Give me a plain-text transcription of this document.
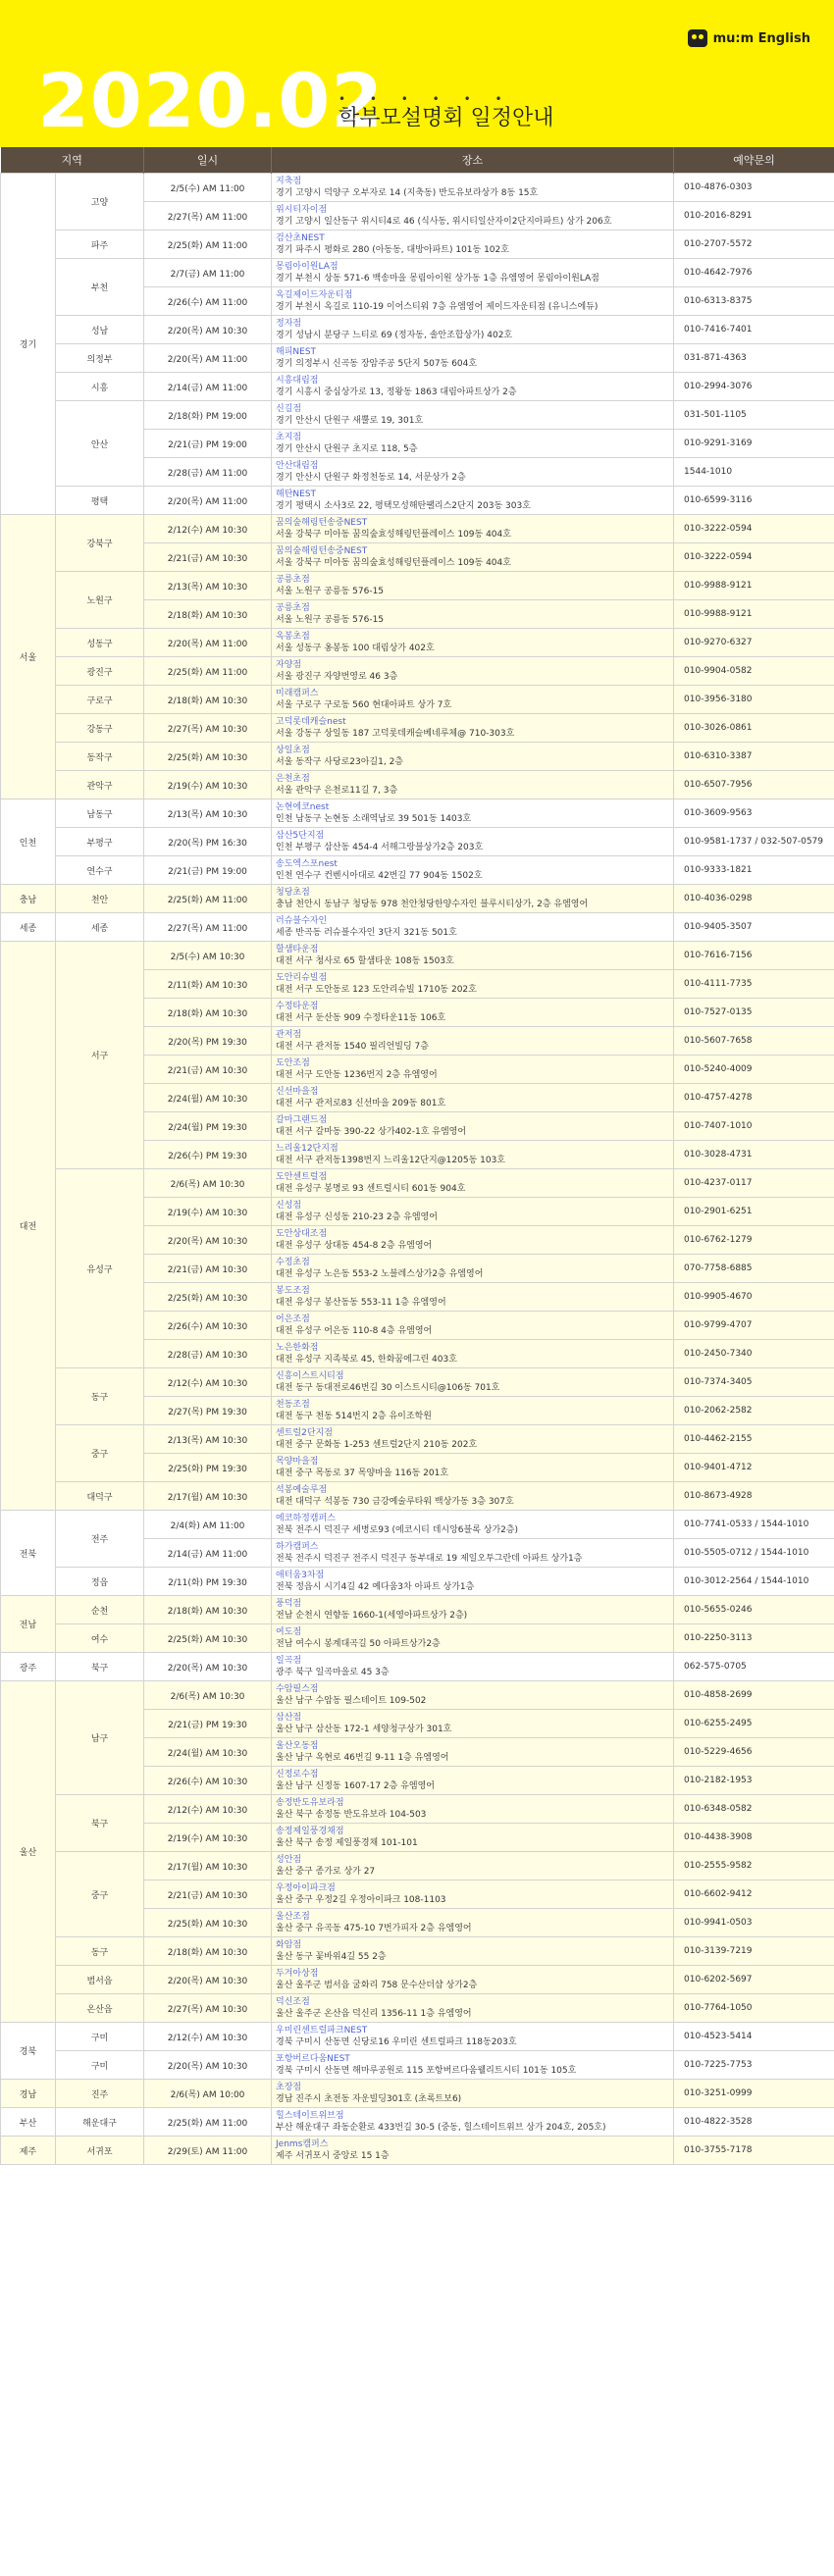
mu:m English
2020.02
• • • • • •
학부모설명회 일정안내
지역		일시	장소	예약문의
경기	고양	2/5(수) AM 11:00	지축점
경기 고양시 덕양구 오부자로 14 (지축동) 반도유보라상가 8동 15호	010-4876-0303
		2/27(목) AM 11:00	위시티자이점
경기 고양시 일산동구 위시티4로 46 (식사동, 위시티일산자이2단지아파트) 상가 206호	010-2016-8291
	파주	2/25(화) AM 11:00	검산초NEST
경기 파주시 평화로 280 (아동동, 대방아파트) 101동 102호	010-2707-5572
	부천	2/7(금) AM 11:00	몽림아이원LA점
경기 부천시 상동 571-6 백송마을 몽림아이원 상가동 1층 유엠영어 몽림아이원LA점	010-4642-7976
		2/26(수) AM 11:00	옥길제이드자운티점
경기 부천시 옥길로 110-19 이어스티워 7층 유엠영어 제이드자운티점 (유니스에듀)	010-6313-8375
	성남	2/20(목) AM 10:30	정자점
경기 성남시 분당구 느티로 69 (정자동, 솔안조합상가) 402호	010-7416-7401
	의정부	2/20(목) AM 11:00	해피NEST
경기 의정부시 신곡동 장암주공 5단지 507동 604호	031-871-4363
	시흥	2/14(금) AM 11:00	시흥대림점
경기 시흥시 중심상가로 13, 정왕동 1863 대림아파트상가 2층	010-2994-3076
	안산	2/18(화) PM 19:00	신길점
경기 안산시 단원구 새뿔로 19, 301호	031-501-1105
		2/21(금) PM 19:00	초지점
경기 안산시 단원구 초지로 118, 5층	010-9291-3169
		2/28(금) AM 11:00	안산대림점
경기 안산시 단원구 화정천동로 14, 서문상가 2층	1544-1010
	평택	2/20(목) AM 11:00	해탄NEST
경기 평택시 소사3로 22, 평택모성해탄팰리스2단지 203동 303호	010-6599-3116
서울	강북구	2/12(수) AM 10:30	꿈의숲해링턴송중NEST
서울 강북구 미아동 꿈의숲효성해링턴플레이스 109동 404호	010-3222-0594
		2/21(금) AM 10:30	꿈의숲해링턴송중NEST
서울 강북구 미아동 꿈의숲효성해링턴플레이스 109동 404호	010-3222-0594
	노원구	2/13(목) AM 10:30	공릉초점
서울 노원구 공릉동 576-15	010-9988-9121
		2/18(화) AM 10:30	공릉초점
서울 노원구 공릉동 576-15	010-9988-9121
	성동구	2/20(목) AM 11:00	옥봉초점
서울 성동구 옹봉동 100 대림상가 402호	010-9270-6327
	광진구	2/25(화) AM 11:00	자양점
서울 광진구 자양번영로 46 3층	010-9904-0582
	구로구	2/18(화) AM 10:30	미래캠퍼스
서울 구로구 구로동 560 현대아파트 상가 7호	010-3956-3180
	강동구	2/27(목) AM 10:30	고덕롯데캐슬nest
서울 강동구 상일동 187 고덕롯데캐슬베네루체@ 710-303호	010-3026-0861
	동작구	2/25(화) AM 10:30	상일초점
서울 동작구 사당로23아길1, 2층	010-6310-3387
	관악구	2/19(수) AM 10:30	은천초점
서울 관악구 은천로11길 7, 3층	010-6507-7956
인천	남동구	2/13(목) AM 10:30	논현에코nest
인천 남동구 논현동 소래역남로 39 501동 1403호	010-3609-9563
	부평구	2/20(목) PM 16:30	삼산5단지점
인천 부평구 삼산동 454-4 서해그랑블상가2층 203호	010-9581-1737 / 032-507-0579
	연수구	2/21(금) PM 19:00	송도엑스포nest
인천 연수구 컨벤시아대로 42번길 77 904동 1502호	010-9333-1821
충남	천안	2/25(화) AM 11:00	청당초점
충남 천안시 동남구 청당동 978 천안청당한양수자인 블루시티상가, 2층 유엠영어	010-4036-0298
세종	세종	2/27(목) AM 11:00	러슈블수자인
세종 반곡동 러슈블수자인 3단지 321동 501호	010-9405-3507
대전	서구	2/5(수) AM 10:30	할샘타운점
대전 서구 청사로 65 할샘타운 108동 1503호	010-7616-7156
		2/11(화) AM 10:30	도안리슈빌점
대전 서구 도안동로 123 도안리슈빌 1710동 202호	010-4111-7735
		2/18(화) AM 10:30	수정타운점
대전 서구 둔산동 909 수정타운11동 106호	010-7527-0135
		2/20(목) PM 19:30	관저점
대전 서구 관저동 1540 필리언빌딩 7층	010-5607-7658
		2/21(금) AM 10:30	도안조점
대전 서구 도안동 1236번지 2층 유엠영어	010-5240-4009
		2/24(월) AM 10:30	신선마을점
대전 서구 관저로83 신선마을 209동 801호	010-4757-4278
		2/24(월) PM 19:30	갈마그랜드점
대전 서구 갈마동 390-22 상가402-1호 유엠영어	010-7407-1010
		2/26(수) PM 19:30	느리울12단지점
대전 서구 관저동1398번지 느리울12단지@1205동 103호	010-3028-4731
	유성구	2/6(목) AM 10:30	도안센트럴점
대전 유성구 봉명로 93 센트럴시티 601동 904호	010-4237-0117
		2/19(수) AM 10:30	신성점
대전 유성구 신성동 210-23 2층 유엠영어	010-2901-6251
		2/20(목) AM 10:30	도안상대조점
대전 유성구 상대동 454-8 2층 유엠영어	010-6762-1279
		2/21(금) AM 10:30	수정초점
대전 유성구 노은동 553-2 노블레스상가2층 유엠영어	070-7758-6885
		2/25(화) AM 10:30	봉도조점
대전 유성구 봉산동동 553-11 1층 유엠영어	010-9905-4670
		2/26(수) AM 10:30	어은조점
대전 유성구 어은동 110-8 4층 유엠영어	010-9799-4707
		2/28(금) AM 10:30	노은한화점
대전 유성구 지족북로 45, 한화꿈에그린 403호	010-2450-7340
	동구	2/12(수) AM 10:30	신흥이스트시티점
대전 동구 동대전로46번길 30 이스트시티@106동 701호	010-7374-3405
		2/27(목) PM 19:30	천동조점
대전 동구 천동 514번지 2층 유이조학원	010-2062-2582
	중구	2/13(목) AM 10:30	센트럴2단지점
대전 중구 문화동 1-253 센트럴2단지 210동 202호	010-4462-2155
		2/25(화) PM 19:30	목양마을점
대전 중구 목동로 37 목양마을 116동 201호	010-9401-4712
	대덕구	2/17(월) AM 10:30	석봉예술루점
대전 대덕구 석봉동 730 금강예술루타워 백상가동 3층 307호	010-8673-4928
전북	전주	2/4(화) AM 11:00	에코하정캠퍼스
전북 전주시 덕진구 세병로93 (에코시티 데시앙6블록 상가2층)	010-7741-0533 / 1544-1010
		2/14(금) AM 11:00	하가캠퍼스
전북 전주시 덕진구 전주시 덕진구 동부대로 19 제일오투그란데 아파트 상가1층	010-5505-0712 / 1544-1010
	정읍	2/11(화) PM 19:30	애터움3차점
전북 정읍시 시기4길 42 예다움3차 아파트 상가1층	010-3012-2564 / 1544-1010
전남	순천	2/18(화) AM 10:30	풍덕점
전남 순천시 연향동 1660-1(세영아파트상가 2층)	010-5655-0246
	여수	2/25(화) AM 10:30	여도점
전남 여수시 봉계대곡길 50 아파트상가2층	010-2250-3113
광주	북구	2/20(목) AM 10:30	일곡점
광주 북구 일곡마을로 45 3층	062-575-0705
울산	남구	2/6(목) AM 10:30	수암필스점
울산 남구 수암동 필스테이트 109-502	010-4858-2699
		2/21(금) PM 19:30	삼산점
울산 남구 삼산동 172-1 세양청구상가 301호	010-6255-2495
		2/24(월) AM 10:30	울산오동점
울산 남구 옥현로 46번길 9-11 1층 유엠영어	010-5229-4656
		2/26(수) AM 10:30	신정로수점
울산 남구 신정동 1607-17 2층 유엠영어	010-2182-1953
	북구	2/12(수) AM 10:30	송정반도유보라점
울산 북구 송정동 반도유보라 104-503	010-6348-0582
		2/19(수) AM 10:30	송정제일풍경채점
울산 북구 송정 제일풍경채 101-101	010-4438-3908
	중구	2/17(월) AM 10:30	성안점
울산 중구 종가로 상가 27	010-2555-9582
		2/21(금) AM 10:30	우정아이파크점
울산 중구 우정2길 우정아이파크 108-1103	010-6602-9412
		2/25(화) AM 10:30	울산조점
울산 중구 유곡동 475-10 7번가피자 2층 유엠영어	010-9941-0503
	동구	2/18(화) AM 10:30	화암점
울산 동구 꽃바위4길 55 2층	010-3139-7219
	범서읍	2/20(목) AM 10:30	두겨아상점
울산 울주군 범서읍 굴화리 758 문수산더샵 상가2층	010-6202-5697
	온산읍	2/27(목) AM 10:30	덕신조점
울산 울주군 온산읍 덕신리 1356-11 1층 유엠영어	010-7764-1050
경북	구미	2/12(수) AM 10:30	우미린센트럴파크NEST
경북 구미시 산동면 신당로16 우미린 센트럴파크 118동203호	010-4523-5414
	구미	2/20(목) AM 10:30	포항버르다움NEST
경북 구미시 산동면 해마루공원로 115 포항버르다움웰리트시티 101동 105호	010-7225-7753
경남	진주	2/6(목) AM 10:00	초장점
경남 진주시 초전동 자운빌딩301호 (초록트보6)	010-3251-0999
부산	해운대구	2/25(화) AM 11:00	힐스테이트위브점
부산 해운대구 좌동순환로 433번길 30-5 (중동, 힐스테이트위브 상가 204호, 205호)	010-4822-3528
제주	서귀포	2/29(토) AM 11:00	Jenms캠퍼스
제주 서귀포시 중앙로 15 1층	010-3755-7178
